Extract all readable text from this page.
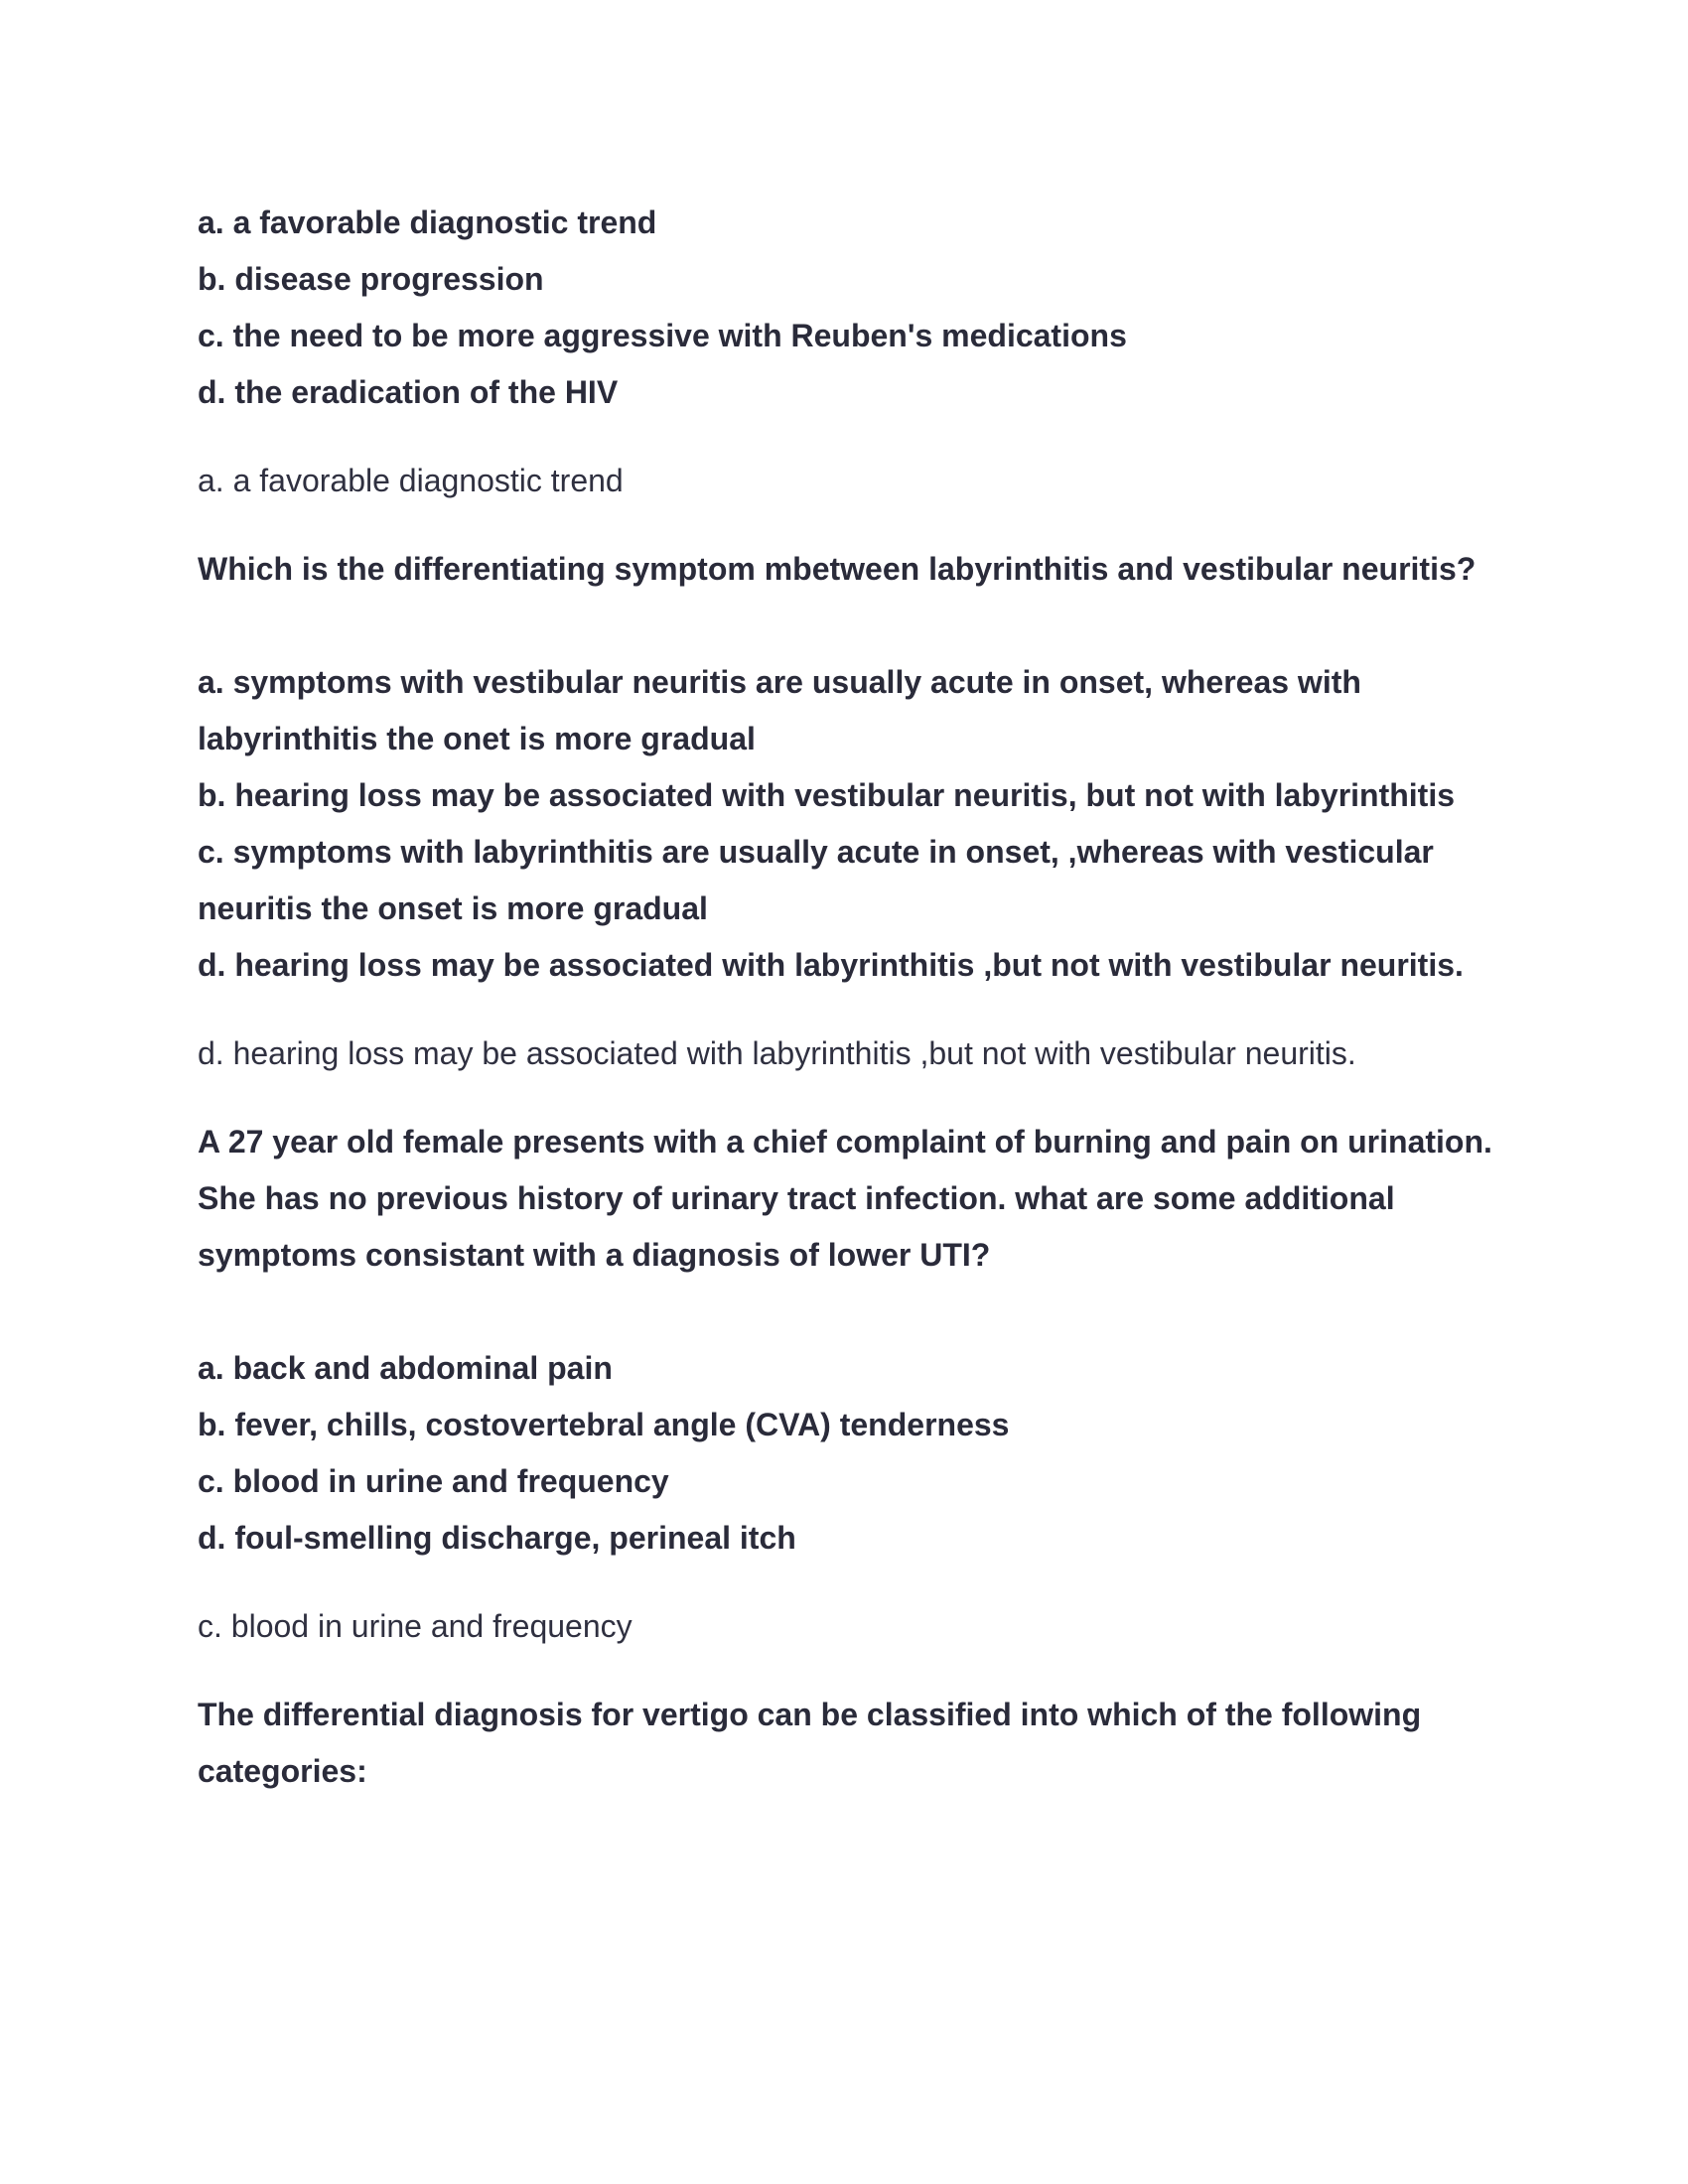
a. a favorable diagnostic trend

b. disease progression

c. the need to be more aggressive with Reuben's medications

d. the eradication of the HIV

a. a favorable diagnostic trend

Which is the differentiating symptom mbetween labyrinthitis and vestibular neuritis?

a. symptoms with vestibular neuritis are usually acute in onset, whereas with labyrinthitis the onet is more gradual

b. hearing loss may be associated with vestibular neuritis, but not with labyrinthitis

c. symptoms with labyrinthitis are usually acute in onset, ,whereas with vesticular neuritis the onset is more gradual

d. hearing loss may be associated with labyrinthitis ,but not with vestibular neuritis.

d. hearing loss may be associated with labyrinthitis ,but not with vestibular neuritis.

A 27 year old female presents with a chief complaint of burning and pain on urination. She has no previous history of urinary tract infection. what are some additional symptoms consistant with a diagnosis of lower UTI?

a. back and abdominal pain

b. fever, chills, costovertebral angle (CVA) tenderness

c. blood in urine and frequency

d. foul-smelling discharge, perineal itch

c. blood in urine and frequency

The differential diagnosis for vertigo can be classified into which of the following categories:
